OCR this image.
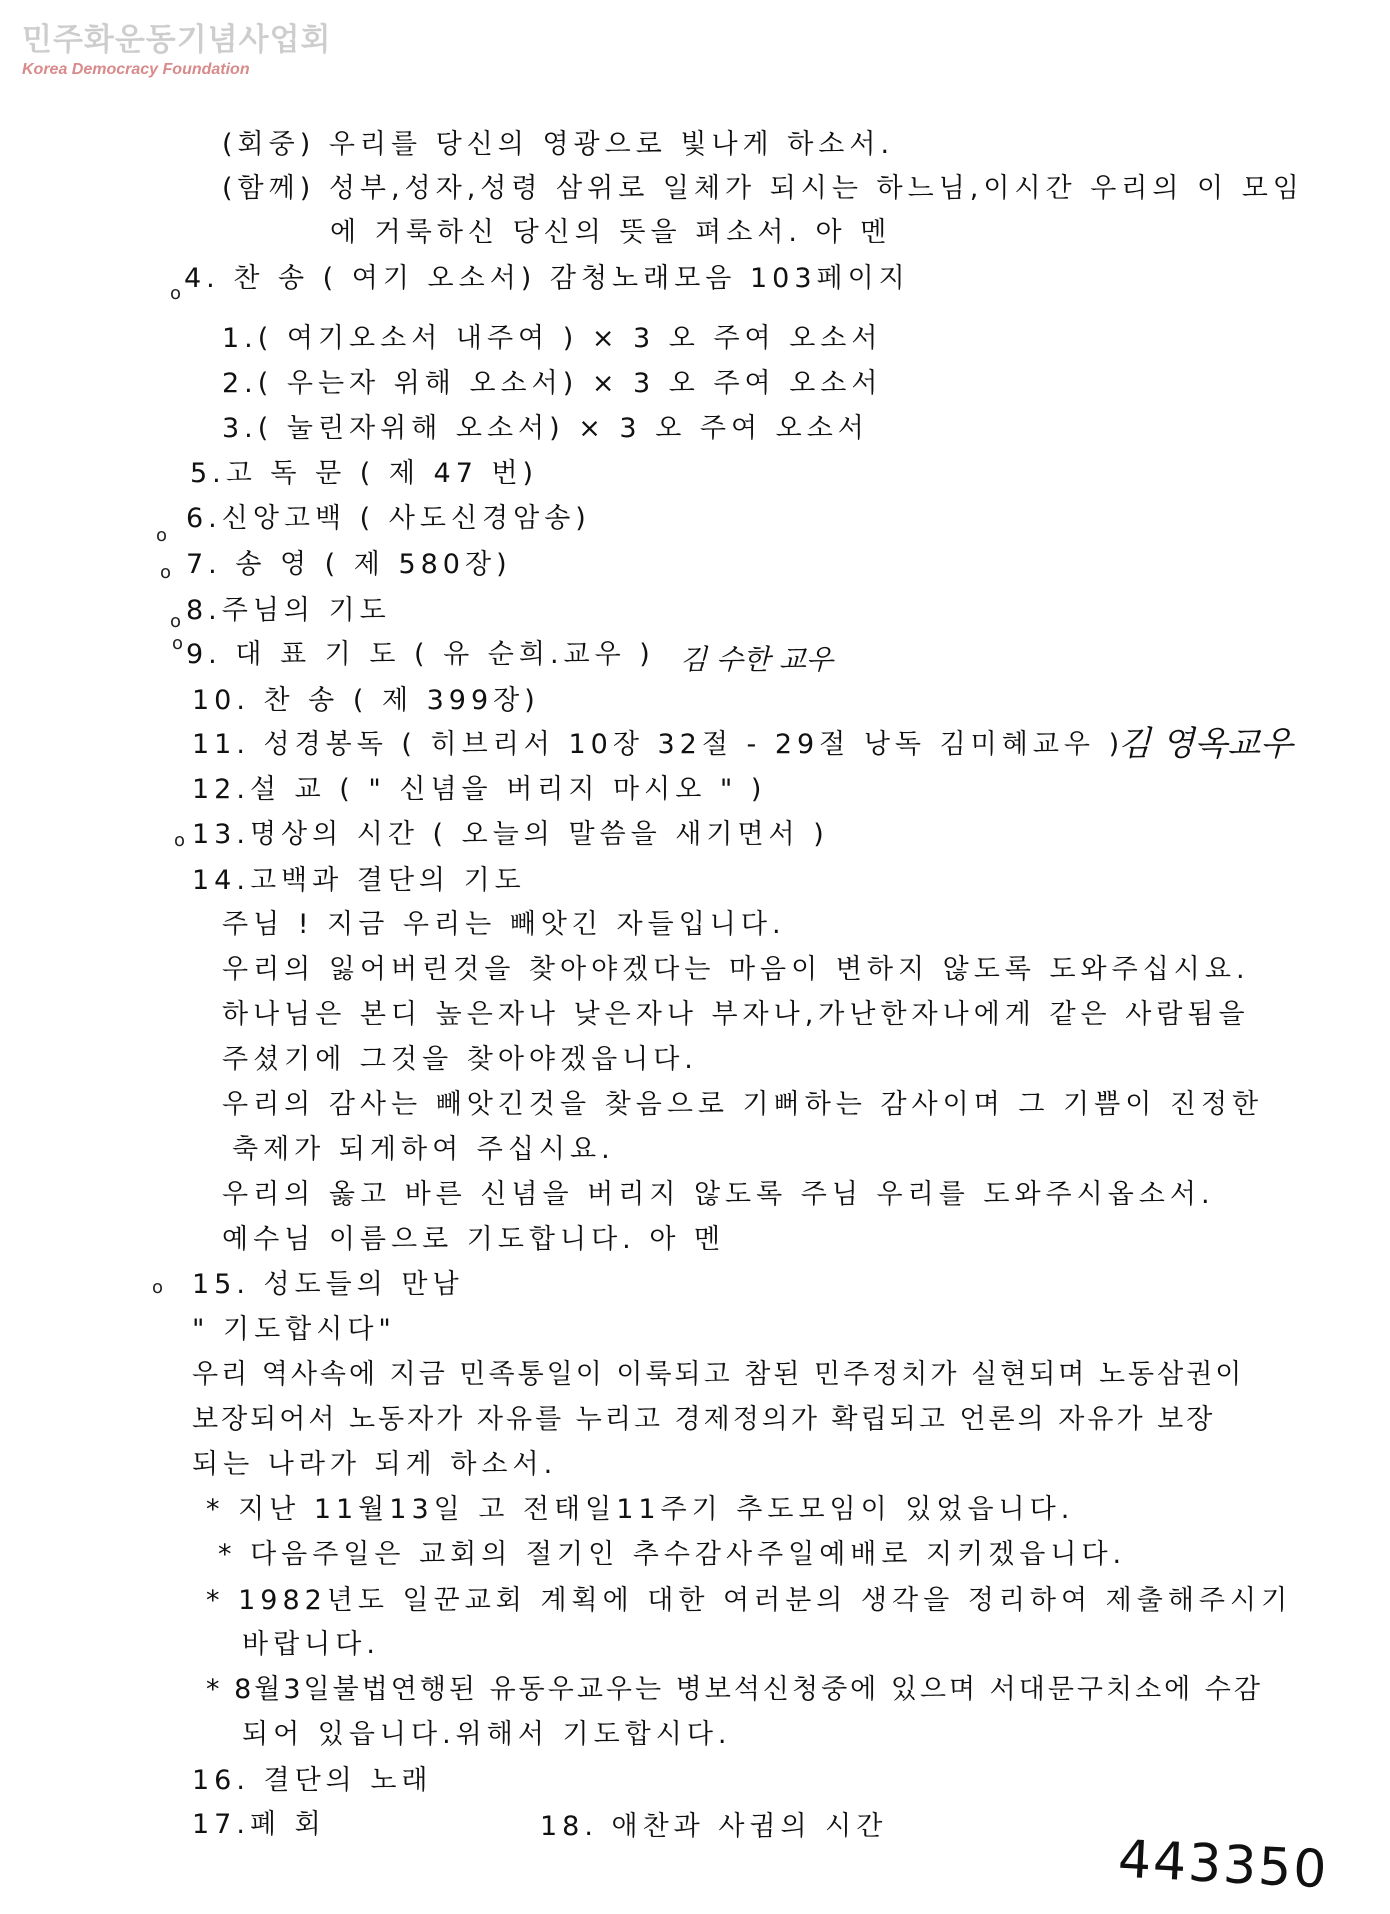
민주화운동기념사업회
Korea Democracy Foundation
o
o
o
o
o
o
o
(회중) 우리를 당신의 영광으로 빛나게 하소서.
(함께) 성부,성자,성령 삼위로 일체가 되시는 하느님,이시간 우리의 이 모임
에 거룩하신 당신의 뜻을 펴소서. 아 멘
4. 찬 송 ( 여기 오소서) 감청노래모음 103페이지
1.( 여기오소서 내주여 ) × 3 오 주여 오소서
2.( 우는자 위해 오소서) × 3 오 주여 오소서
3.( 눌린자위해 오소서) × 3 오 주여 오소서
5.고 독 문 ( 제 47 번)
6.신앙고백 ( 사도신경암송)
7. 송 영 ( 제 580장)
8.주님의 기도
9. 대 표 기 도 ( 유 순희.교우 ) 김 수한 교우
10. 찬 송 ( 제 399장)
11. 성경봉독 ( 히브리서 10장 32절 - 29절 낭독 김미혜교우 )
김 영옥교우
12.설 교 ( " 신념을 버리지 마시오 " )
13.명상의 시간 ( 오늘의 말씀을 새기면서 )
14.고백과 결단의 기도
주님 ! 지금 우리는 빼앗긴 자들입니다.
우리의 잃어버린것을 찾아야겠다는 마음이 변하지 않도록 도와주십시요.
하나님은 본디 높은자나 낮은자나 부자나,가난한자나에게 같은 사람됨을
주셨기에 그것을 찾아야겠읍니다.
우리의 감사는 빼앗긴것을 찾음으로 기뻐하는 감사이며 그 기쁨이 진정한
축제가 되게하여 주십시요.
우리의 옳고 바른 신념을 버리지 않도록 주님 우리를 도와주시옵소서.
예수님 이름으로 기도합니다. 아 멘
15. 성도들의 만남
" 기도합시다"
우리 역사속에 지금 민족통일이 이룩되고 참된 민주정치가 실현되며 노동삼권이
보장되어서 노동자가 자유를 누리고 경제정의가 확립되고 언론의 자유가 보장
되는 나라가 되게 하소서.
* 지난 11월13일 고 전태일11주기 추도모임이 있었읍니다.
* 다음주일은 교회의 절기인 추수감사주일예배로 지키겠읍니다.
* 1982년도 일꾼교회 계획에 대한 여러분의 생각을 정리하여 제출해주시기
바랍니다.
* 8월3일불법연행된 유동우교우는 병보석신청중에 있으며 서대문구치소에 수감
되어 있읍니다.위해서 기도합시다.
16. 결단의 노래
17.폐 회	18. 애찬과 사귐의 시간
443350
